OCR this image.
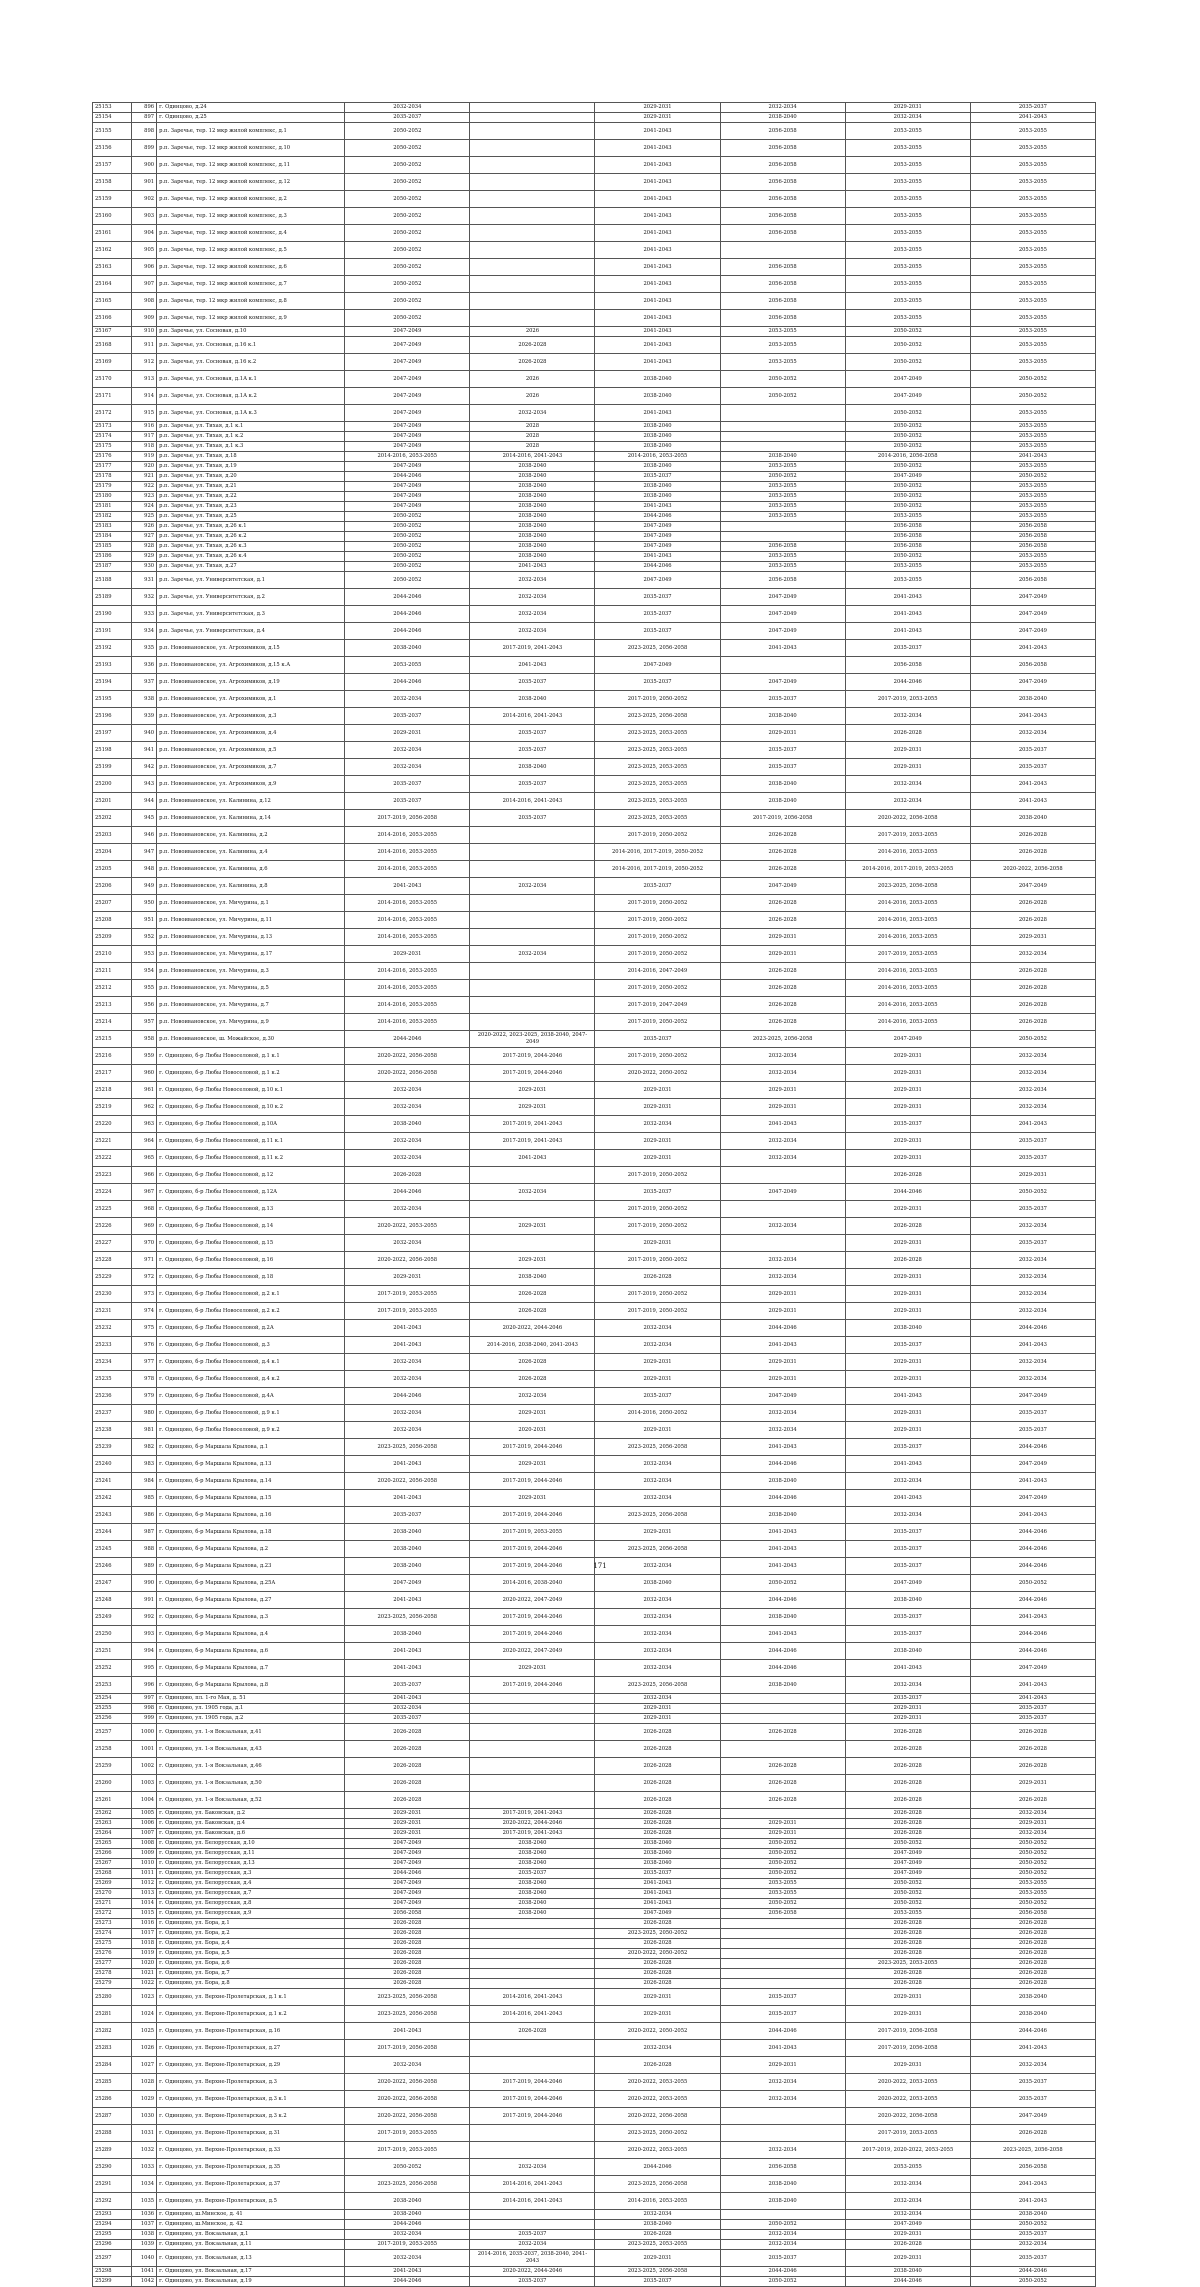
25153	896	г. Одинцово, д.24	2032-2034		2029-2031	2032-2034	2029-2031	2035-2037
25154	897	г. Одинцово, д.25	2035-2037		2029-2031	2038-2040	2032-2034	2041-2043
25155	898	р.п. Заречье, тер. 12 мкр жилой комплекс, д.1	2050-2052		2041-2043	2056-2058	2053-2055	2053-2055
25156	899	р.п. Заречье, тер. 12 мкр жилой комплекс, д.10	2050-2052		2041-2043	2056-2058	2053-2055	2053-2055
25157	900	р.п. Заречье, тер. 12 мкр жилой комплекс, д.11	2050-2052		2041-2043	2056-2058	2053-2055	2053-2055
25158	901	р.п. Заречье, тер. 12 мкр жилой комплекс, д.12	2050-2052		2041-2043	2056-2058	2053-2055	2053-2055
25159	902	р.п. Заречье, тер. 12 мкр жилой комплекс, д.2	2050-2052		2041-2043	2056-2058	2053-2055	2053-2055
25160	903	р.п. Заречье, тер. 12 мкр жилой комплекс, д.3	2050-2052		2041-2043	2056-2058	2053-2055	2053-2055
25161	904	р.п. Заречье, тер. 12 мкр жилой комплекс, д.4	2050-2052		2041-2043	2056-2058	2053-2055	2053-2055
25162	905	р.п. Заречье, тер. 12 мкр жилой комплекс, д.5	2050-2052		2041-2043		2053-2055	2053-2055
25163	906	р.п. Заречье, тер. 12 мкр жилой комплекс, д.6	2050-2052		2041-2043	2056-2058	2053-2055	2053-2055
25164	907	р.п. Заречье, тер. 12 мкр жилой комплекс, д.7	2050-2052		2041-2043	2056-2058	2053-2055	2053-2055
25165	908	р.п. Заречье, тер. 12 мкр жилой комплекс, д.8	2050-2052		2041-2043	2056-2058	2053-2055	2053-2055
25166	909	р.п. Заречье, тер. 12 мкр жилой комплекс, д.9	2050-2052		2041-2043	2056-2058	2053-2055	2053-2055
25167	910	р.п. Заречье, ул. Сосновая, д.10	2047-2049	2026	2041-2043	2053-2055	2050-2052	2053-2055
25168	911	р.п. Заречье, ул. Сосновая, д.16 к.1	2047-2049	2026-2028	2041-2043	2053-2055	2050-2052	2053-2055
25169	912	р.п. Заречье, ул. Сосновая, д.16 к.2	2047-2049	2026-2028	2041-2043	2053-2055	2050-2052	2053-2055
25170	913	р.п. Заречье, ул. Сосновая, д.1А к.1	2047-2049	2026	2038-2040	2050-2052	2047-2049	2050-2052
25171	914	р.п. Заречье, ул. Сосновая, д.1А к.2	2047-2049	2026	2038-2040	2050-2052	2047-2049	2050-2052
25172	915	р.п. Заречье, ул. Сосновая, д.1А к.3	2047-2049	2032-2034	2041-2043		2050-2052	2053-2055
25173	916	р.п. Заречье, ул. Тихая, д.1 к.1	2047-2049	2028	2038-2040		2050-2052	2053-2055
25174	917	р.п. Заречье, ул. Тихая, д.1 к.2	2047-2049	2028	2038-2040		2050-2052	2053-2055
25175	918	р.п. Заречье, ул. Тихая, д.1 к.3	2047-2049	2028	2038-2040		2050-2052	2053-2055
25176	919	р.п. Заречье, ул. Тихая, д.18	2014-2016, 2053-2055	2014-2016, 2041-2043	2014-2016, 2053-2055	2038-2040	2014-2016, 2056-2058	2041-2043
25177	920	р.п. Заречье, ул. Тихая, д.19	2047-2049	2038-2040	2038-2040	2053-2055	2050-2052	2053-2055
25178	921	р.п. Заречье, ул. Тихая, д.20	2044-2046	2038-2040	2035-2037	2050-2052	2047-2049	2050-2052
25179	922	р.п. Заречье, ул. Тихая, д.21	2047-2049	2038-2040	2038-2040	2053-2055	2050-2052	2053-2055
25180	923	р.п. Заречье, ул. Тихая, д.22	2047-2049	2038-2040	2038-2040	2053-2055	2050-2052	2053-2055
25181	924	р.п. Заречье, ул. Тихая, д.23	2047-2049	2038-2040	2041-2043	2053-2055	2050-2052	2053-2055
25182	925	р.п. Заречье, ул. Тихая, д.25	2050-2052	2038-2040	2044-2046	2053-2055	2053-2055	2053-2055
25183	926	р.п. Заречье, ул. Тихая, д.26 к.1	2050-2052	2038-2040	2047-2049		2056-2058	2056-2058
25184	927	р.п. Заречье, ул. Тихая, д.26 к.2	2050-2052	2038-2040	2047-2049		2056-2058	2056-2058
25185	928	р.п. Заречье, ул. Тихая, д.26 к.3	2050-2052	2038-2040	2047-2049	2056-2058	2056-2058	2056-2058
25186	929	р.п. Заречье, ул. Тихая, д.26 к.4	2050-2052	2038-2040	2041-2043	2053-2055	2050-2052	2053-2055
25187	930	р.п. Заречье, ул. Тихая, д.27	2050-2052	2041-2043	2044-2046	2053-2055	2053-2055	2053-2055
25188	931	р.п. Заречье, ул. Университетская, д.1	2050-2052	2032-2034	2047-2049	2056-2058	2053-2055	2056-2058
25189	932	р.п. Заречье, ул. Университетская, д.2	2044-2046	2032-2034	2035-2037	2047-2049	2041-2043	2047-2049
25190	933	р.п. Заречье, ул. Университетская, д.3	2044-2046	2032-2034	2035-2037	2047-2049	2041-2043	2047-2049
25191	934	р.п. Заречье, ул. Университетская, д.4	2044-2046	2032-2034	2035-2037	2047-2049	2041-2043	2047-2049
25192	935	р.п. Новоивановское, ул. Агрохимиков, д.15	2038-2040	2017-2019, 2041-2043	2023-2025, 2056-2058	2041-2043	2035-2037	2041-2043
25193	936	р.п. Новоивановское, ул. Агрохимиков, д.15 к.А	2053-2055	2041-2043	2047-2049		2056-2058	2056-2058
25194	937	р.п. Новоивановское, ул. Агрохимиков, д.19	2044-2046	2035-2037	2035-2037	2047-2049	2044-2046	2047-2049
25195	938	р.п. Новоивановское, ул. Агрохимиков, д.1	2032-2034	2038-2040	2017-2019, 2050-2052	2035-2037	2017-2019, 2053-2055	2038-2040
25196	939	р.п. Новоивановское, ул. Агрохимиков, д.3	2035-2037	2014-2016, 2041-2043	2023-2025, 2056-2058	2038-2040	2032-2034	2041-2043
25197	940	р.п. Новоивановское, ул. Агрохимиков, д.4	2029-2031	2035-2037	2023-2025, 2053-2055	2029-2031	2026-2028	2032-2034
25198	941	р.п. Новоивановское, ул. Агрохимиков, д.5	2032-2034	2035-2037	2023-2025, 2053-2055	2035-2037	2029-2031	2035-2037
25199	942	р.п. Новоивановское, ул. Агрохимиков, д.7	2032-2034	2038-2040	2023-2025, 2053-2055	2035-2037	2029-2031	2035-2037
25200	943	р.п. Новоивановское, ул. Агрохимиков, д.9	2035-2037	2035-2037	2023-2025, 2053-2055	2038-2040	2032-2034	2041-2043
25201	944	р.п. Новоивановское, ул. Калинина, д.12	2035-2037	2014-2016, 2041-2043	2023-2025, 2053-2055	2038-2040	2032-2034	2041-2043
25202	945	р.п. Новоивановское, ул. Калинина, д.14	2017-2019, 2056-2058	2035-2037	2023-2025, 2053-2055	2017-2019, 2056-2058	2020-2022, 2056-2058	2038-2040
25203	946	р.п. Новоивановское, ул. Калинина, д.2	2014-2016, 2053-2055		2017-2019, 2050-2052	2026-2028	2017-2019, 2053-2055	2026-2028
25204	947	р.п. Новоивановское, ул. Калинина, д.4	2014-2016, 2053-2055		2014-2016, 2017-2019, 2050-2052	2026-2028	2014-2016, 2053-2055	2026-2028
25205	948	р.п. Новоивановское, ул. Калинина, д.6	2014-2016, 2053-2055		2014-2016, 2017-2019, 2050-2052	2026-2028	2014-2016, 2017-2019, 2053-2055	2020-2022, 2056-2058
25206	949	р.п. Новоивановское, ул. Калинина, д.8	2041-2043	2032-2034	2035-2037	2047-2049	2023-2025, 2056-2058	2047-2049
25207	950	р.п. Новоивановское, ул. Мичурина, д.1	2014-2016, 2053-2055		2017-2019, 2050-2052	2026-2028	2014-2016, 2053-2055	2026-2028
25208	951	р.п. Новоивановское, ул. Мичурина, д.11	2014-2016, 2053-2055		2017-2019, 2050-2052	2026-2028	2014-2016, 2053-2055	2026-2028
25209	952	р.п. Новоивановское, ул. Мичурина, д.13	2014-2016, 2053-2055		2017-2019, 2050-2052	2029-2031	2014-2016, 2053-2055	2029-2031
25210	953	р.п. Новоивановское, ул. Мичурина, д.17	2029-2031	2032-2034	2017-2019, 2050-2052	2029-2031	2017-2019, 2053-2055	2032-2034
25211	954	р.п. Новоивановское, ул. Мичурина, д.3	2014-2016, 2053-2055		2014-2016, 2047-2049	2026-2028	2014-2016, 2053-2055	2026-2028
25212	955	р.п. Новоивановское, ул. Мичурина, д.5	2014-2016, 2053-2055		2017-2019, 2050-2052	2026-2028	2014-2016, 2053-2055	2026-2028
25213	956	р.п. Новоивановское, ул. Мичурина, д.7	2014-2016, 2053-2055		2017-2019, 2047-2049	2026-2028	2014-2016, 2053-2055	2026-2028
25214	957	р.п. Новоивановское, ул. Мичурина, д.9	2014-2016, 2053-2055		2017-2019, 2050-2052	2026-2028	2014-2016, 2053-2055	2026-2028
25215	958	р.п. Новоивановское, ш. Можайское, д.30	2044-2046	2020-2022, 2023-2025, 2038-2040, 2047-2049	2035-2037	2023-2025, 2056-2058	2047-2049	2050-2052
25216	959	г. Одинцово, б-р Любы Новоселовой, д.1 к.1	2020-2022, 2056-2058	2017-2019, 2044-2046	2017-2019, 2050-2052	2032-2034	2029-2031	2032-2034
25217	960	г. Одинцово, б-р Любы Новоселовой, д.1 к.2	2020-2022, 2056-2058	2017-2019, 2044-2046	2020-2022, 2050-2052	2032-2034	2029-2031	2032-2034
25218	961	г. Одинцово, б-р Любы Новоселовой, д.10 к.1	2032-2034	2029-2031	2029-2031	2029-2031	2029-2031	2032-2034
25219	962	г. Одинцово, б-р Любы Новоселовой, д.10 к.2	2032-2034	2029-2031	2029-2031	2029-2031	2029-2031	2032-2034
25220	963	г. Одинцово, б-р Любы Новоселовой, д.10А	2038-2040	2017-2019, 2041-2043	2032-2034	2041-2043	2035-2037	2041-2043
25221	964	г. Одинцово, б-р Любы Новоселовой, д.11 к.1	2032-2034	2017-2019, 2041-2043	2029-2031	2032-2034	2029-2031	2035-2037
25222	965	г. Одинцово, б-р Любы Новоселовой, д.11 к.2	2032-2034	2041-2043	2029-2031	2032-2034	2029-2031	2035-2037
25223	966	г. Одинцово, б-р Любы Новоселовой, д.12	2026-2028		2017-2019, 2050-2052		2026-2028	2029-2031
25224	967	г. Одинцово, б-р Любы Новоселовой, д.12А	2044-2046	2032-2034	2035-2037	2047-2049	2044-2046	2050-2052
25225	968	г. Одинцово, б-р Любы Новоселовой, д.13	2032-2034		2017-2019, 2050-2052		2029-2031	2035-2037
25226	969	г. Одинцово, б-р Любы Новоселовой, д.14	2020-2022, 2053-2055	2029-2031	2017-2019, 2050-2052	2032-2034	2026-2028	2032-2034
25227	970	г. Одинцово, б-р Любы Новоселовой, д.15	2032-2034		2029-2031		2029-2031	2035-2037
25228	971	г. Одинцово, б-р Любы Новоселовой, д.16	2020-2022, 2056-2058	2029-2031	2017-2019, 2050-2052	2032-2034	2026-2028	2032-2034
25229	972	г. Одинцово, б-р Любы Новоселовой, д.18	2029-2031	2038-2040	2026-2028	2032-2034	2029-2031	2032-2034
25230	973	г. Одинцово, б-р Любы Новоселовой, д.2 к.1	2017-2019, 2053-2055	2026-2028	2017-2019, 2050-2052	2029-2031	2029-2031	2032-2034
25231	974	г. Одинцово, б-р Любы Новоселовой, д.2 к.2	2017-2019, 2053-2055	2026-2028	2017-2019, 2050-2052	2029-2031	2029-2031	2032-2034
25232	975	г. Одинцово, б-р Любы Новоселовой, д.2А	2041-2043	2020-2022, 2044-2046	2032-2034	2044-2046	2038-2040	2044-2046
25233	976	г. Одинцово, б-р Любы Новоселовой, д.3	2041-2043	2014-2016, 2038-2040, 2041-2043	2032-2034	2041-2043	2035-2037	2041-2043
25234	977	г. Одинцово, б-р Любы Новоселовой, д.4 к.1	2032-2034	2026-2028	2029-2031	2029-2031	2029-2031	2032-2034
25235	978	г. Одинцово, б-р Любы Новоселовой, д.4 к.2	2032-2034	2026-2028	2029-2031	2029-2031	2029-2031	2032-2034
25236	979	г. Одинцово, б-р Любы Новоселовой, д.4А	2044-2046	2032-2034	2035-2037	2047-2049	2041-2043	2047-2049
25237	980	г. Одинцово, б-р Любы Новоселовой, д.9 к.1	2032-2034	2029-2031	2014-2016, 2050-2052	2032-2034	2029-2031	2035-2037
25238	981	г. Одинцово, б-р Любы Новоселовой, д.9 к.2	2032-2034	2020-2031	2029-2031	2032-2034	2029-2031	2035-2037
25239	982	г. Одинцово, б-р Маршала Крылова, д.1	2023-2025, 2056-2058	2017-2019, 2044-2046	2023-2025, 2056-2058	2041-2043	2035-2037	2044-2046
25240	983	г. Одинцово, б-р Маршала Крылова, д.13	2041-2043	2029-2031	2032-2034	2044-2046	2041-2043	2047-2049
25241	984	г. Одинцово, б-р Маршала Крылова, д.14	2020-2022, 2056-2058	2017-2019, 2044-2046	2032-2034	2038-2040	2032-2034	2041-2043
25242	985	г. Одинцово, б-р Маршала Крылова, д.15	2041-2043	2029-2031	2032-2034	2044-2046	2041-2043	2047-2049
25243	986	г. Одинцово, б-р Маршала Крылова, д.16	2035-2037	2017-2019, 2044-2046	2023-2025, 2056-2058	2038-2040	2032-2034	2041-2043
25244	987	г. Одинцово, б-р Маршала Крылова, д.18	2038-2040	2017-2019, 2053-2055	2029-2031	2041-2043	2035-2037	2044-2046
25245	988	г. Одинцово, б-р Маршала Крылова, д.2	2038-2040	2017-2019, 2044-2046	2023-2025, 2056-2058	2041-2043	2035-2037	2044-2046
25246	989	г. Одинцово, б-р Маршала Крылова, д.23	2038-2040	2017-2019, 2044-2046	2032-2034	2041-2043	2035-2037	2044-2046
25247	990	г. Одинцово, б-р Маршала Крылова, д.25А	2047-2049	2014-2016, 2038-2040	2038-2040	2050-2052	2047-2049	2050-2052
25248	991	г. Одинцово, б-р Маршала Крылова, д.27	2041-2043	2020-2022, 2047-2049	2032-2034	2044-2046	2038-2040	2044-2046
25249	992	г. Одинцово, б-р Маршала Крылова, д.3	2023-2025, 2056-2058	2017-2019, 2044-2046	2032-2034	2038-2040	2035-2037	2041-2043
25250	993	г. Одинцово, б-р Маршала Крылова, д.4	2038-2040	2017-2019, 2044-2046	2032-2034	2041-2043	2035-2037	2044-2046
25251	994	г. Одинцово, б-р Маршала Крылова, д.6	2041-2043	2020-2022, 2047-2049	2032-2034	2044-2046	2038-2040	2044-2046
25252	995	г. Одинцово, б-р Маршала Крылова, д.7	2041-2043	2029-2031	2032-2034	2044-2046	2041-2043	2047-2049
25253	996	г. Одинцово, б-р Маршала Крылова, д.8	2035-2037	2017-2019, 2044-2046	2023-2025, 2056-2058	2038-2040	2032-2034	2041-2043
25254	997	г. Одинцово, пл. 1-го Мая, д. 51	2041-2043		2032-2034		2035-2037	2041-2043
25255	998	г. Одинцово, ул. 1905 года, д.1	2032-2034		2029-2031		2029-2031	2035-2037
25256	999	г. Одинцово, ул. 1905 года, д.2	2035-2037		2029-2031		2029-2031	2035-2037
25257	1000	г. Одинцово, ул. 1-я Вокзальная, д.41	2026-2028		2026-2028	2026-2028	2026-2028	2026-2028
25258	1001	г. Одинцово, ул. 1-я Вокзальная, д.43	2026-2028		2026-2028		2026-2028	2026-2028
25259	1002	г. Одинцово, ул. 1-я Вокзальная, д.46	2026-2028		2026-2028	2026-2028	2026-2028	2026-2028
25260	1003	г. Одинцово, ул. 1-я Вокзальная, д.50	2026-2028		2026-2028	2026-2028	2026-2028	2029-2031
25261	1004	г. Одинцово, ул. 1-я Вокзальная, д.52	2026-2028		2026-2028	2026-2028	2026-2028	2026-2028
25262	1005	г. Одинцово, ул. Баковская, д.2	2029-2031	2017-2019, 2041-2043	2026-2028		2026-2028	2032-2034
25263	1006	г. Одинцово, ул. Баковская, д.4	2029-2031	2020-2022, 2044-2046	2026-2028	2029-2031	2026-2028	2029-2031
25264	1007	г. Одинцово, ул. Баковская, д.6	2029-2031	2017-2019, 2041-2043	2026-2028	2029-2031	2026-2028	2032-2034
25265	1008	г. Одинцово, ул. Белорусская, д.10	2047-2049	2038-2040	2038-2040	2050-2052	2050-2052	2050-2052
25266	1009	г. Одинцово, ул. Белорусская, д.11	2047-2049	2038-2040	2038-2040	2050-2052	2047-2049	2050-2052
25267	1010	г. Одинцово, ул. Белорусская, д.13	2047-2049	2038-2040	2038-2040	2050-2052	2047-2049	2050-2052
25268	1011	г. Одинцово, ул. Белорусская, д.3	2044-2046	2035-2037	2035-2037	2050-2052	2047-2049	2050-2052
25269	1012	г. Одинцово, ул. Белорусская, д.4	2047-2049	2038-2040	2041-2043	2053-2055	2050-2052	2053-2055
25270	1013	г. Одинцово, ул. Белорусская, д.7	2047-2049	2038-2040	2041-2043	2053-2055	2050-2052	2053-2055
25271	1014	г. Одинцово, ул. Белорусская, д.8	2047-2049	2038-2040	2041-2043	2050-2052	2050-2052	2050-2052
25272	1015	г. Одинцово, ул. Белорусская, д.9	2056-2058	2038-2040	2047-2049	2056-2058	2053-2055	2056-2058
25273	1016	г. Одинцово, ул. Бора, д.1	2026-2028		2026-2028		2026-2028	2026-2028
25274	1017	г. Одинцово, ул. Бора, д.2	2026-2028		2023-2025, 2050-2052		2026-2028	2026-2028
25275	1018	г. Одинцово, ул. Бора, д.4	2026-2028		2026-2028		2026-2028	2026-2028
25276	1019	г. Одинцово, ул. Бора, д.5	2026-2028		2020-2022, 2050-2052		2026-2028	2026-2028
25277	1020	г. Одинцово, ул. Бора, д.6	2026-2028		2026-2028		2023-2025, 2053-2055	2026-2028
25278	1021	г. Одинцово, ул. Бора, д.7	2026-2028		2026-2028		2026-2028	2026-2028
25279	1022	г. Одинцово, ул. Бора, д.8	2026-2028		2026-2028		2026-2028	2026-2028
25280	1023	г. Одинцово, ул. Верхне-Пролетарская, д.1 к.1	2023-2025, 2056-2058	2014-2016, 2041-2043	2029-2031	2035-2037	2029-2031	2038-2040
25281	1024	г. Одинцово, ул. Верхне-Пролетарская, д.1 к.2	2023-2025, 2056-2058	2014-2016, 2041-2043	2029-2031	2035-2037	2029-2031	2038-2040
25282	1025	г. Одинцово, ул. Верхне-Пролетарская, д.16	2041-2043	2026-2028	2020-2022, 2050-2052	2044-2046	2017-2019, 2056-2058	2044-2046
25283	1026	г. Одинцово, ул. Верхне-Пролетарская, д.27	2017-2019, 2056-2058		2032-2034	2041-2043	2017-2019, 2056-2058	2041-2043
25284	1027	г. Одинцово, ул. Верхне-Пролетарская, д.29	2032-2034		2026-2028	2029-2031	2029-2031	2032-2034
25285	1028	г. Одинцово, ул. Верхне-Пролетарская, д.3	2020-2022, 2056-2058	2017-2019, 2044-2046	2020-2022, 2053-2055	2032-2034	2020-2022, 2053-2055	2035-2037
25286	1029	г. Одинцово, ул. Верхне-Пролетарская, д.3 к.1	2020-2022, 2056-2058	2017-2019, 2044-2046	2020-2022, 2053-2055	2032-2034	2020-2022, 2053-2055	2035-2037
25287	1030	г. Одинцово, ул. Верхне-Пролетарская, д.3 к.2	2020-2022, 2056-2058	2017-2019, 2044-2046	2020-2022, 2056-2058		2020-2022, 2056-2058	2047-2049
25288	1031	г. Одинцово, ул. Верхне-Пролетарская, д.31	2017-2019, 2053-2055		2023-2025, 2050-2052		2017-2019, 2053-2055	2026-2028
25289	1032	г. Одинцово, ул. Верхне-Пролетарская, д.33	2017-2019, 2053-2055		2020-2022, 2053-2055	2032-2034	2017-2019, 2020-2022, 2053-2055	2023-2025, 2056-2058
25290	1033	г. Одинцово, ул. Верхне-Пролетарская, д.35	2050-2052	2032-2034	2044-2046	2056-2058	2053-2055	2056-2058
25291	1034	г. Одинцово, ул. Верхне-Пролетарская, д.37	2023-2025, 2056-2058	2014-2016, 2041-2043	2023-2025, 2056-2058	2038-2040	2032-2034	2041-2043
25292	1035	г. Одинцово, ул. Верхне-Пролетарская, д.5	2038-2040	2014-2016, 2041-2043	2014-2016, 2053-2055	2038-2040	2032-2034	2041-2043
25293	1036	г. Одинцово, ш.Минское, д. 41	2038-2040		2032-2034		2032-2034	2038-2040
25294	1037	г. Одинцово, ш.Минское, д. 42	2044-2046		2038-2040	2050-2052	2047-2049	2050-2052
25295	1038	г. Одинцово, ул. Вокзальная, д.1	2032-2034	2035-2037	2026-2028	2032-2034	2029-2031	2035-2037
25296	1039	г. Одинцово, ул. Вокзальная, д.11	2017-2019, 2053-2055	2032-2034	2023-2025, 2053-2055	2032-2034	2026-2028	2032-2034
25297	1040	г. Одинцово, ул. Вокзальная, д.13	2032-2034	2014-2016, 2035-2037, 2038-2040, 2041-2043	2029-2031	2035-2037	2029-2031	2035-2037
25298	1041	г. Одинцово, ул. Вокзальная, д.17	2041-2043	2020-2022, 2044-2046	2023-2025, 2056-2058	2044-2046	2038-2040	2044-2046
25299	1042	г. Одинцово, ул. Вокзальная, д.19	2044-2046	2035-2037	2035-2037	2050-2052	2044-2046	2050-2052
171
